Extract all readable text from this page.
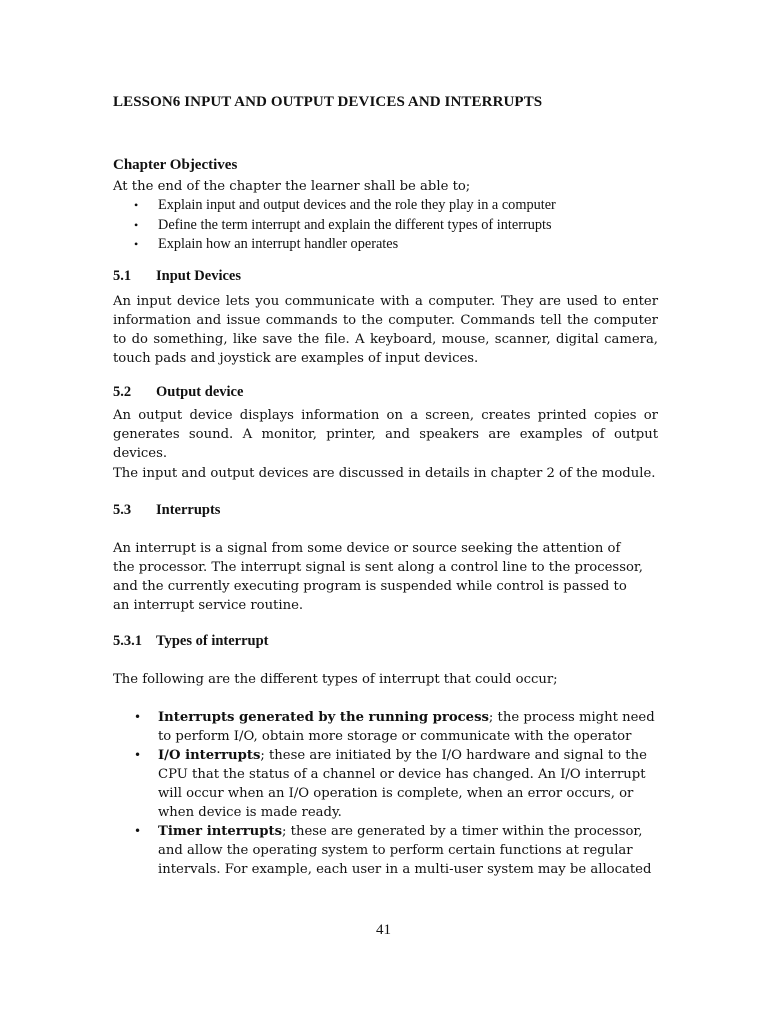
LESSON6 INPUT AND OUTPUT DEVICES AND INTERRUPTS
Chapter Objectives
At the end of the chapter the learner shall be able to;
• Explain input and output devices and the role they play in a computer
• Define the term interrupt and explain the different types of interrupts
• Explain how an interrupt handler operates
5.1 Input Devices
An input device lets you communicate with a computer. They are used to enter information and issue commands to the computer. Commands tell the computer to do something, like save the file. A keyboard, mouse, scanner, digital camera, touch pads and joystick are examples of input devices.
5.2 Output device
An output device displays information on a screen, creates printed copies or generates sound. A monitor, printer, and speakers are examples of output devices.
The input and output devices are discussed in details in chapter 2 of the module.
5.3 Interrupts
An interrupt is a signal from some device or source seeking the attention of the processor. The interrupt signal is sent along a control line to the processor, and the currently executing program is suspended while control is passed to an interrupt service routine.
5.3.1 Types of interrupt
The following are the different types of interrupt that could occur;
• Interrupts generated by the running process; the process might need to perform I/O, obtain more storage or communicate with the operator
• I/O interrupts; these are initiated by the I/O hardware and signal to the CPU that the status of a channel or device has changed. An I/O interrupt will occur when an I/O operation is complete, when an error occurs, or when device is made ready.
• Timer interrupts; these are generated by a timer within the processor, and allow the operating system to perform certain functions at regular intervals. For example, each user in a multi-user system may be allocated
41
